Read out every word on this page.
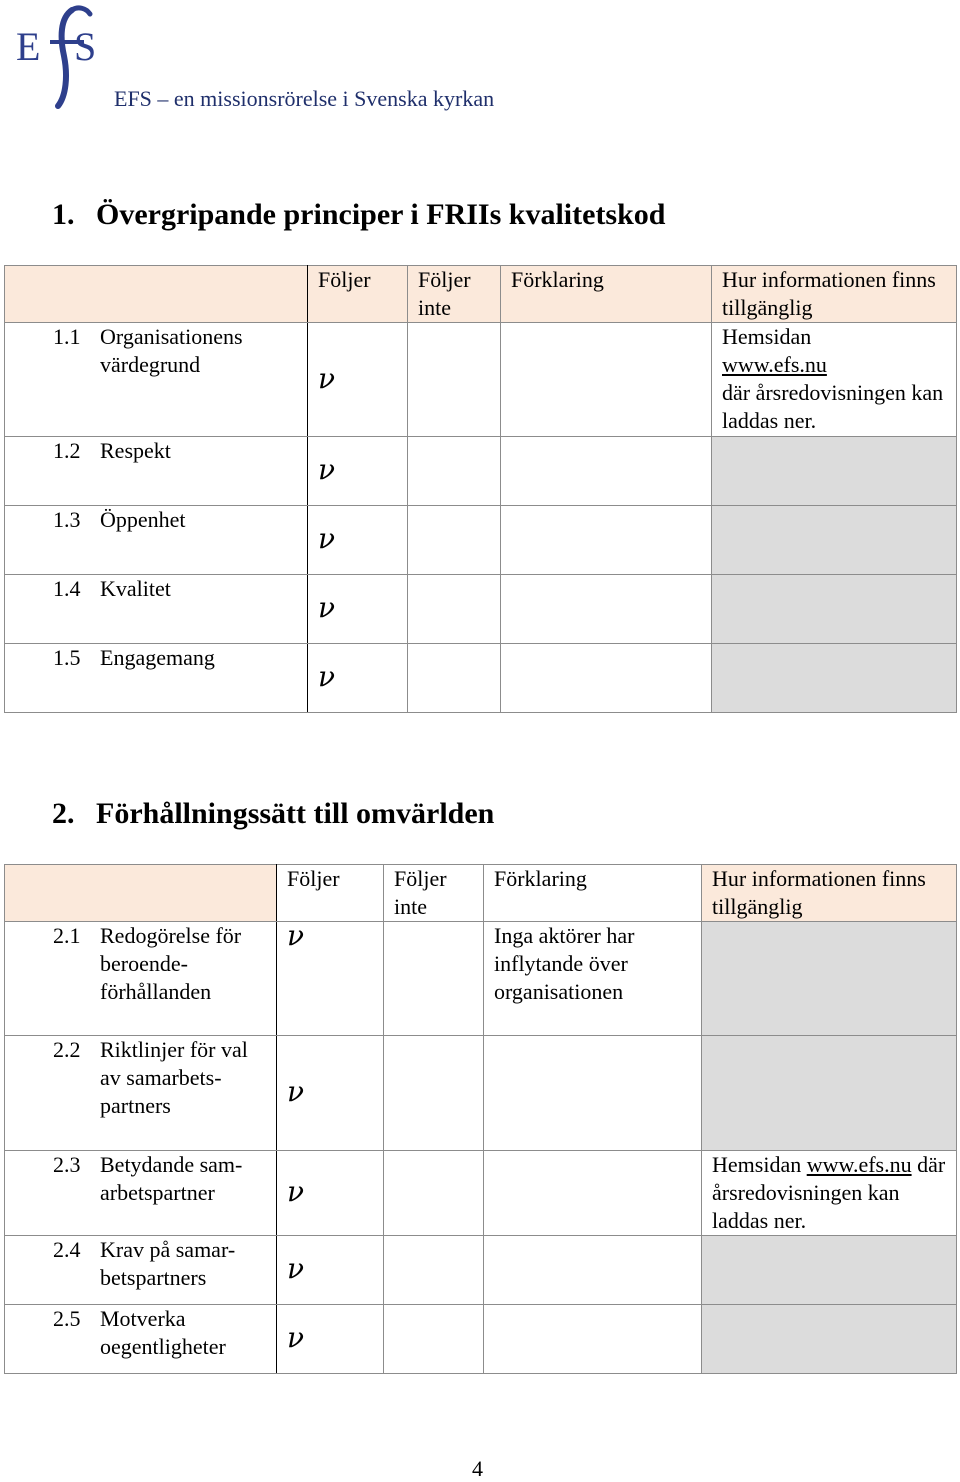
E S
EFS – en missionsrörelse i Svenska kyrkan
1. Övergripande principer i FRIIs kvalitetskod
	Följer	Följer inte	Förklaring	Hur informationen finns tillgänglig

1.1 Organisationens värdegrund	ν			Hemsidan
www.efs.nu
där årsredovisningen kan laddas ner.

1.2 Respekt	ν			

1.3 Öppenhet	ν			

1.4 Kvalitet	ν			

1.5 Engagemang	ν			
2. Förhållningssätt till omvärlden
	Följer	Följer inte	Förklaring	Hur informationen finns tillgänglig

2.1 Redogörelse för beroende-förhållanden	ν		Inga aktörer har inflytande över organisationen	

2.2 Riktlinjer för val av samarbets-partners	ν			

2.3 Betydande sam-arbetspartner	ν			Hemsidan www.efs.nu där årsredovisningen kan laddas ner.

2.4 Krav på samar-betspartners	ν			

2.5 Motverka oegentligheter	ν			
4
